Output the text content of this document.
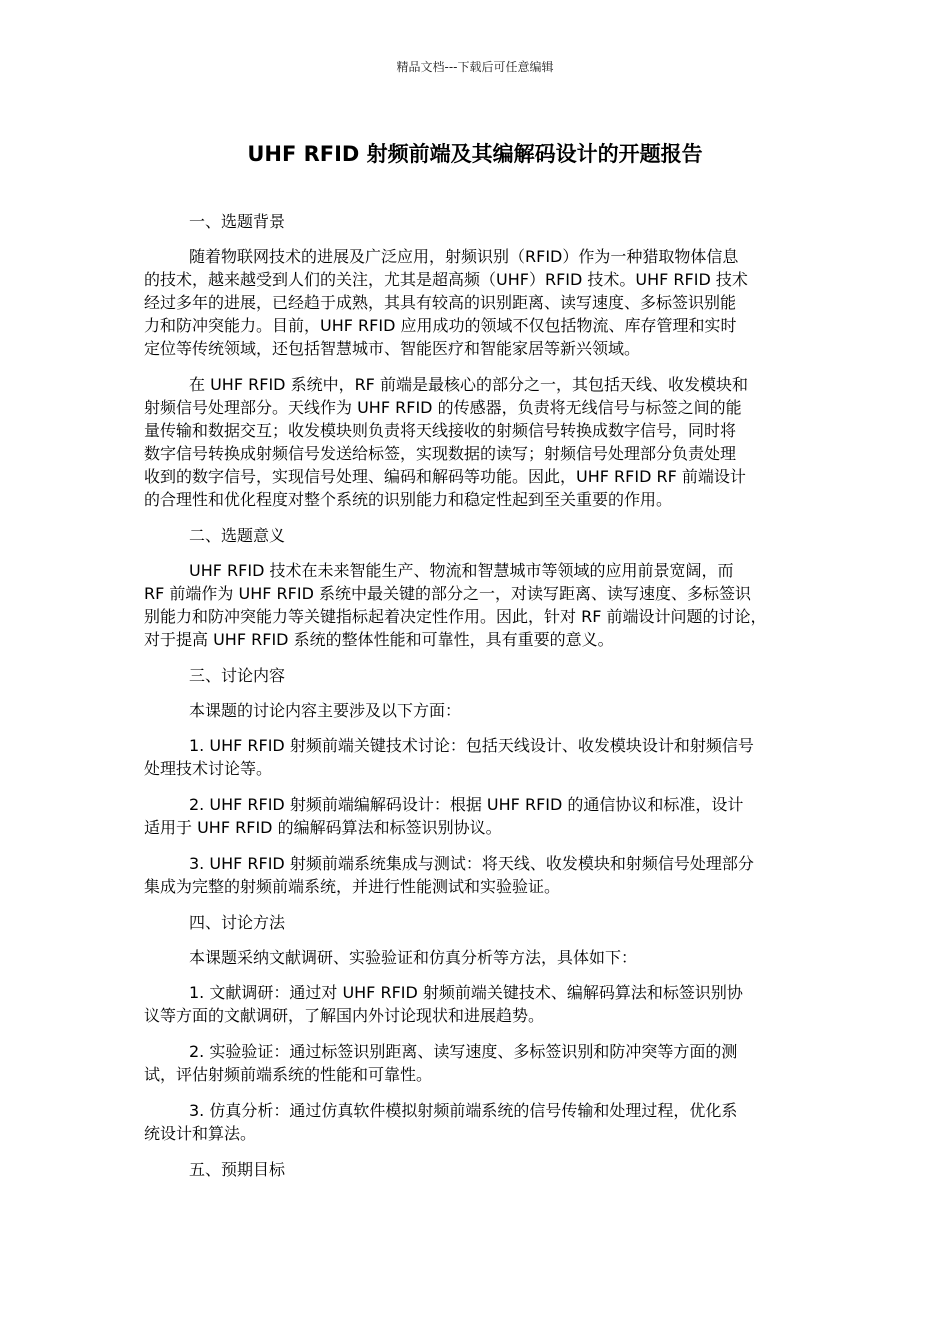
精品文档---下载后可任意编辑
UHF RFID 射频前端及其编解码设计的开题报告
一、选题背景
随着物联网技术的进展及广泛应用，射频识别（RFID）作为一种猎取物体信息
的技术，越来越受到人们的关注，尤其是超高频（UHF）RFID 技术。UHF RFID 技术
经过多年的进展，已经趋于成熟，其具有较高的识别距离、读写速度、多标签识别能
力和防冲突能力。目前，UHF RFID 应用成功的领域不仅包括物流、库存管理和实时
定位等传统领域，还包括智慧城市、智能医疗和智能家居等新兴领域。
在 UHF RFID 系统中，RF 前端是最核心的部分之一，其包括天线、收发模块和
射频信号处理部分。天线作为 UHF RFID 的传感器，负责将无线信号与标签之间的能
量传输和数据交互；收发模块则负责将天线接收的射频信号转换成数字信号，同时将
数字信号转换成射频信号发送给标签，实现数据的读写；射频信号处理部分负责处理
收到的数字信号，实现信号处理、编码和解码等功能。因此，UHF RFID RF 前端设计
的合理性和优化程度对整个系统的识别能力和稳定性起到至关重要的作用。
二、选题意义
UHF RFID 技术在未来智能生产、物流和智慧城市等领域的应用前景宽阔，而
RF 前端作为 UHF RFID 系统中最关键的部分之一，对读写距离、读写速度、多标签识
别能力和防冲突能力等关键指标起着决定性作用。因此，针对 RF 前端设计问题的讨论，
对于提高 UHF RFID 系统的整体性能和可靠性，具有重要的意义。
三、讨论内容
本课题的讨论内容主要涉及以下方面：
1. UHF RFID 射频前端关键技术讨论：包括天线设计、收发模块设计和射频信号
处理技术讨论等。
2. UHF RFID 射频前端编解码设计：根据 UHF RFID 的通信协议和标准，设计
适用于 UHF RFID 的编解码算法和标签识别协议。
3. UHF RFID 射频前端系统集成与测试：将天线、收发模块和射频信号处理部分
集成为完整的射频前端系统，并进行性能测试和实验验证。
四、讨论方法
本课题采纳文献调研、实验验证和仿真分析等方法，具体如下：
1. 文献调研：通过对 UHF RFID 射频前端关键技术、编解码算法和标签识别协
议等方面的文献调研，了解国内外讨论现状和进展趋势。
2. 实验验证：通过标签识别距离、读写速度、多标签识别和防冲突等方面的测
试，评估射频前端系统的性能和可靠性。
3. 仿真分析：通过仿真软件模拟射频前端系统的信号传输和处理过程，优化系
统设计和算法。
五、预期目标
